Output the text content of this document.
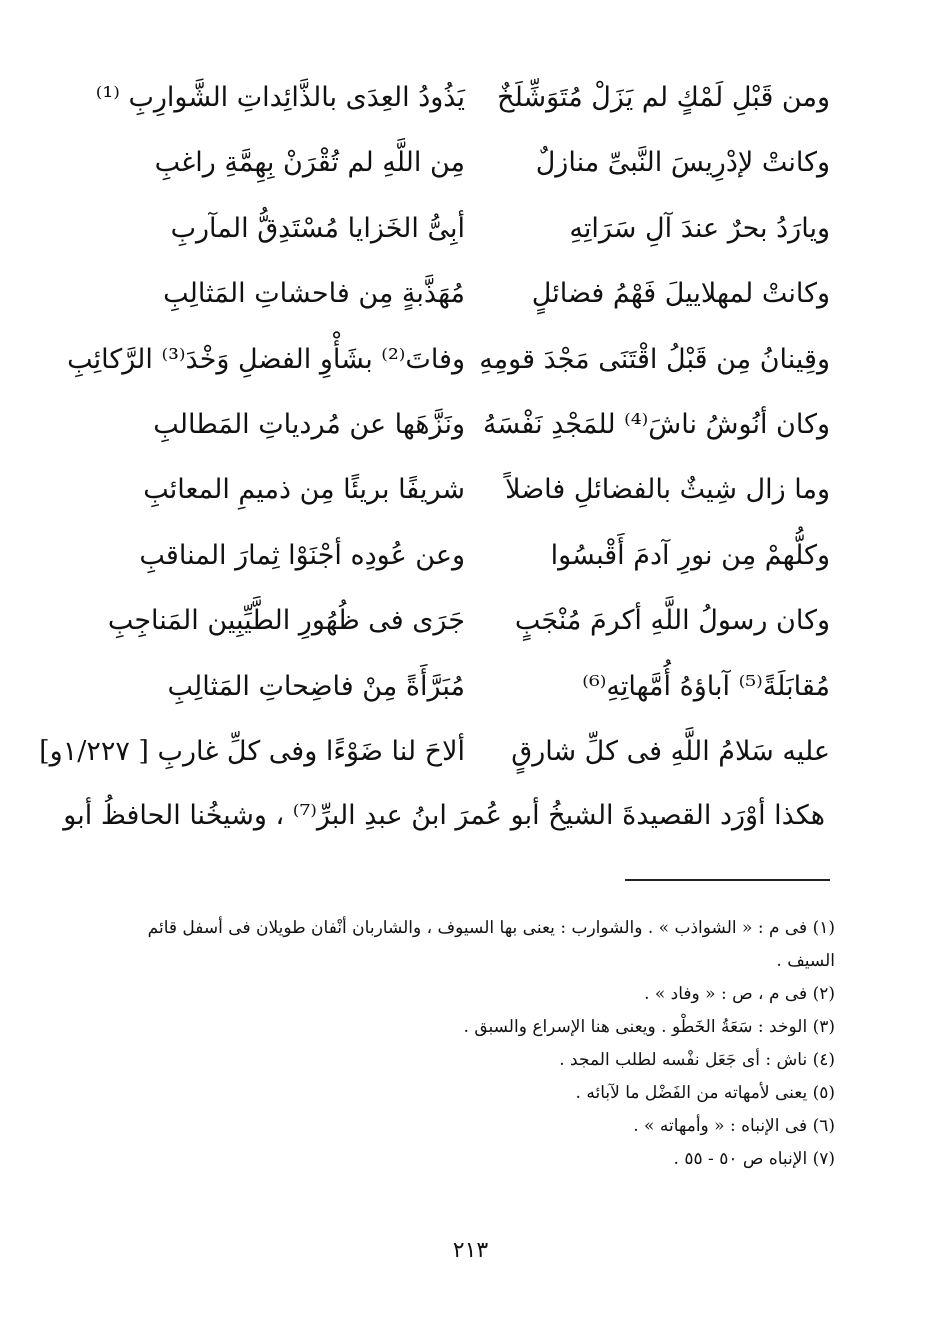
ومن قَبْلِ لَمْكٍ لم يَزَلْ مُتَوَشِّلَخٌ
يَذُودُ العِدَى بالذَّائِداتِ الشَّوارِبِ ⁽¹⁾
وكانتْ لإدْرِيسَ النَّبىِّ منازلٌ
مِن اللَّهِ لم تُقْرَنْ بِهِمَّةِ راغبِ
ويارَدُ بحرٌ عندَ آلِ سَرَاتِهِ
أبِىُّ الخَزايا مُسْتَدِقُّ المآربِ
وكانتْ لمهلاييلَ فَهْمُ فضائلٍ
مُهَذَّبةٍ مِن فاحشاتِ المَثالِبِ
وقِينانُ مِن قَبْلُ اقْتَنَى مَجْدَ قومِهِ
وفاتَ⁽²⁾ بشَأْوِ الفضلِ وَخْدَ⁽³⁾ الرَّكائِبِ
وكان أنُوشُ ناشَ⁽⁴⁾ للمَجْدِ نَفْسَهُ
ونَزَّهَها عن مُردياتِ المَطالبِ
وما زال شِيثٌ بالفضائلِ فاضلاً
شريفًا بريئًا مِن ذميمِ المعائبِ
وكلُّهمْ مِن نورِ آدمَ أَقْبسُوا
وعن عُودِه أجْنَوْا ثِمارَ المناقبِ
وكان رسولُ اللَّهِ أكرمَ مُنْجَبٍ
جَرَى فى ظُهُورِ الطَّيِّبِين المَناجِبِ
مُقابَلَةً⁽⁵⁾ آباؤهُ أُمَّهاتِهِ⁽⁶⁾
مُبَرَّأَةً مِنْ فاضِحاتِ المَثالِبِ
عليه سَلامُ اللَّهِ فى كلِّ شارقٍ
ألاحَ لنا ضَوْءًا وفى كلِّ غاربِ [ ١/٢٢٧و]
هكذا أوْرَد القصيدةَ الشيخُ أبو عُمرَ ابنُ عبدِ البرِّ⁽⁷⁾ ، وشيخُنا الحافظُ أبو
(١) فى م : « الشواذب » . والشوارب : يعنى بها السيوف ، والشاربان أنْفان طويلان فى أسفل قائم السيف .
(٢) فى م ، ص : « وفاد » .
(٣) الوخد : سَعَةُ الخَطْو . ويعنى هنا الإسراع والسبق .
(٤) ناش : أى جَعَل نفْسه لطلب المجد .
(٥) يعنى لأمهاته من الفَضْل ما لآبائه .
(٦) فى الإنباه : « وأمهاته » .
(٧) الإنباه ص ٥٠ - ٥٥ .
٢١٣
